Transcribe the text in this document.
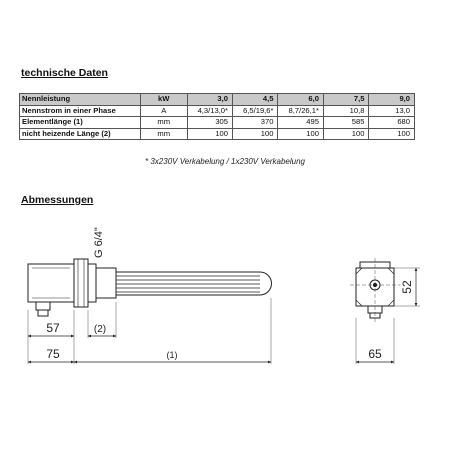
technische Daten
Nennleistung	kW	3,0	4,5	6,0	7,5	9,0
Nennstrom in einer Phase	A	4,3/13,0*	6,5/19,6*	8,7/26,1*	10,8	13,0
Elementlänge (1)	mm	305	370	495	585	680
nicht heizende Länge (2)	mm	100	100	100	100	100
* 3x230V Verkabelung / 1x230V Verkabelung
Abmessungen
G 6/4"
57	(2)
75	(1)
52
65
